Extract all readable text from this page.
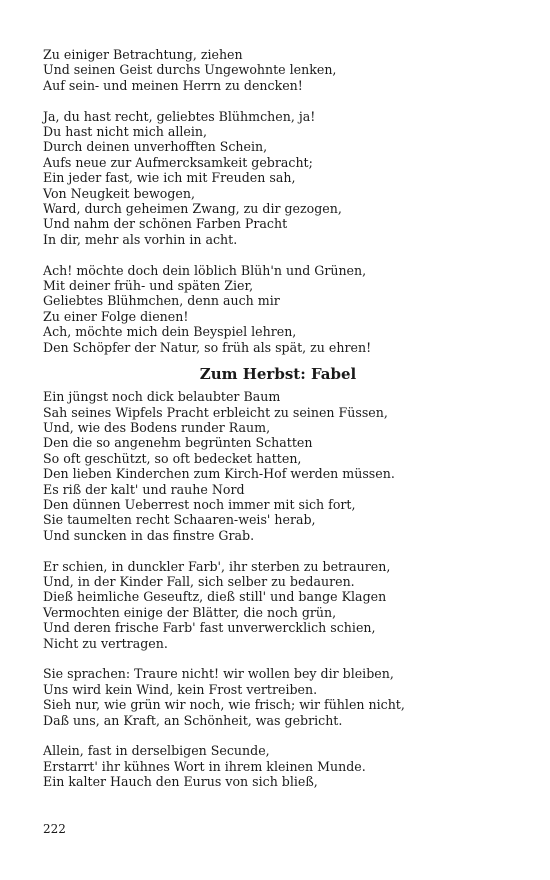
Zu einiger Betrachtung, ziehen
Und seinen Geist durchs Ungewohnte lenken,
Auf sein- und meinen Herrn zu dencken!
Ja, du hast recht, geliebtes Blühmchen, ja!
Du hast nicht mich allein,
Durch deinen unverhofften Schein,
Aufs neue zur Aufmercksamkeit gebracht;
Ein jeder fast, wie ich mit Freuden sah,
Von Neugkeit bewogen,
Ward, durch geheimen Zwang, zu dir gezogen,
Und nahm der schönen Farben Pracht
In dir, mehr als vorhin in acht.
Ach! möchte doch dein löblich Blüh'n und Grünen,
Mit deiner früh- und späten Zier,
Geliebtes Blühmchen, denn auch mir
Zu einer Folge dienen!
Ach, möchte mich dein Beyspiel lehren,
Den Schöpfer der Natur, so früh als spät, zu ehren!
Zum Herbst: Fabel
Ein jüngst noch dick belaubter Baum
Sah seines Wipfels Pracht erbleicht zu seinen Füssen,
Und, wie des Bodens runder Raum,
Den die so angenehm begrünten Schatten
So oft geschützt, so oft bedecket hatten,
Den lieben Kinderchen zum Kirch-Hof werden müssen.
Es riß der kalt' und rauhe Nord
Den dünnen Ueberrest noch immer mit sich fort,
Sie taumelten recht Schaaren-weis' herab,
Und suncken in das finstre Grab.
Er schien, in dunckler Farb', ihr sterben zu betrauren,
Und, in der Kinder Fall, sich selber zu bedauren.
Dieß heimliche Geseuftz, dieß still' und bange Klagen
Vermochten einige der Blätter, die noch grün,
Und deren frische Farb' fast unverwercklich schien,
Nicht zu vertragen.
Sie sprachen: Traure nicht! wir wollen bey dir bleiben,
Uns wird kein Wind, kein Frost vertreiben.
Sieh nur, wie grün wir noch, wie frisch; wir fühlen nicht,
Daß uns, an Kraft, an Schönheit, was gebricht.
Allein, fast in derselbigen Secunde,
Erstarrt' ihr kühnes Wort in ihrem kleinen Munde.
Ein kalter Hauch den Eurus von sich bließ,
222
